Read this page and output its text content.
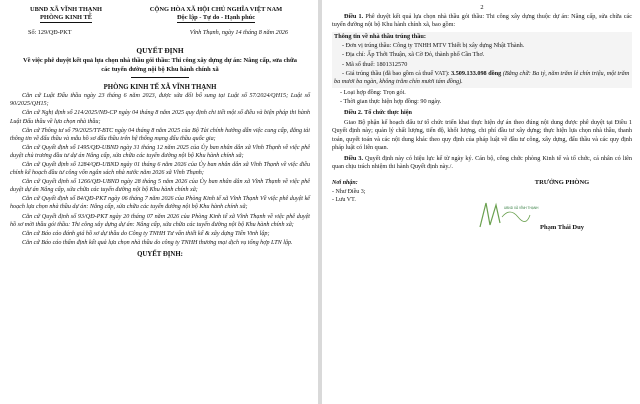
UBND XÃ VĨNH THẠNH
PHÒNG KINH TẾ
CỘNG HÒA XÃ HỘI CHỦ NGHĨA VIỆT NAM
Độc lập - Tự do - Hạnh phúc
Số: 129/QĐ-PKT	Vĩnh Thạnh, ngày 14 tháng 8 năm 2026
QUYẾT ĐỊNH
Về việc phê duyệt kết quả lựa chọn nhà thầu gói thầu: Thi công xây dựng dự án: Nâng cấp, sửa chữa các tuyến đường nội bộ Khu hành chính xã
PHÒNG KINH TẾ XÃ VĨNH THẠNH

Căn cứ Luật Đấu thầu ngày 23 tháng 6 năm 2023, được sửa đổi bổ sung tại Luật số 57/2024/QH15; Luật số 90/2025/QH15;

Căn cứ Nghị định số 214/2025/NĐ-CP ngày 04 tháng 8 năm 2025 quy định chi tiết một số điều và biện pháp thi hành Luật Đấu thầu về lựa chọn nhà thầu;

Căn cứ Thông tư số 79/2025/TT-BTC ngày 04 tháng 8 năm 2025 của Bộ Tài chính hướng dẫn việc cung cấp, đăng tải thông tin về đấu thầu và mẫu hồ sơ đấu thầu trên hệ thống mạng đấu thầu quốc gia;

Căn cứ Quyết định số 1495/QĐ-UBND ngày 31 tháng 12 năm 2025 của Ủy ban nhân dân xã Vĩnh Thạnh về việc phê duyệt chủ trương đầu tư dự án Nâng cấp, sửa chữa các tuyến đường nội bộ Khu hành chính xã;

Căn cứ Quyết định số 1284/QĐ-UBND ngày 01 tháng 6 năm 2026 của Ủy ban nhân dân xã Vĩnh Thạnh về việc điều chỉnh kế hoạch đầu tư công vốn ngân sách nhà nước năm 2026 xã Vĩnh Thạnh;

Căn cứ Quyết định số 1266/QĐ-UBND ngày 28 tháng 5 năm 2026 của Ủy ban nhân dân xã Vĩnh Thạnh về việc phê duyệt dự án Nâng cấp, sửa chữa các tuyến đường nội bộ Khu hành chính xã;

Căn cứ Quyết định số 84/QĐ-PKT ngày 06 tháng 7 năm 2026 của Phòng Kinh tế xã Vĩnh Thạnh Về việc phê duyệt kế hoạch lựa chọn nhà thầu dự án: Nâng cấp, sửa chữa các tuyến đường nội bộ Khu hành chính xã;

Căn cứ Quyết định số 93/QĐ-PKT ngày 20 tháng 07 năm 2026 của Phòng Kinh tế xã Vĩnh Thạnh về việc phê duyệt hồ sơ mời thầu gói thầu: Thi công xây dựng dự án: Nâng cấp, sửa chữa các tuyến đường nội bộ Khu hành chính xã;

Căn cứ Báo cáo đánh giá hồ sơ dự thầu do Công ty TNHH Tư vấn thiết kế & xây dựng Tiến Vinh lập;

Căn cứ Báo cáo thẩm định kết quả lựa chọn nhà thầu do công ty TNHH thương mại dịch vụ tổng hợp LTN lập.

QUYẾT ĐỊNH:
2

Điều 1. Phê duyệt kết quả lựa chọn nhà thầu gói thầu: Thi công xây dựng thuộc dự án: Nâng cấp, sửa chữa các tuyến đường nội bộ Khu hành chính xã, bao gồm:

Thông tin về nhà thầu trúng thầu:

- Đơn vị trúng thầu: Công ty TNHH MTV Thiết bị xây dựng Nhật Thành.

- Địa chỉ: Ấp Thới Thuận, xã Cờ Đỏ, thành phố Cần Thơ.

- Mã số thuế: 1801312570

- Giá trúng thầu (đã bao gồm cả thuế VAT): 3.509.133.098 đồng (Bằng chữ: Ba tỷ, năm trăm lẻ chín triệu, một trăm ba mươi ba ngàn, không trăm chín mươi tám đồng).

- Loại hợp đồng: Trọn gói.

- Thời gian thực hiện hợp đồng: 90 ngày.

Điều 2. Tổ chức thực hiện

Giao Bộ phận kế hoạch đấu tư tổ chức triển khai thực hiện dự án theo đúng nội dung được phê duyệt tại Điều 1 Quyết định này; quản lý chất lượng, tiến độ, khối lượng, chi phí đầu tư xây dựng; thực hiện lựa chọn nhà thầu, thanh toán, quyết toán và các nội dung khác theo quy định của pháp luật về đầu tư công, xây dựng, đấu thầu và các quy định pháp luật có liên quan.

Điều 3. Quyết định này có hiệu lực kể từ ngày ký. Cán bộ, công chức phòng Kinh tế và tổ chức, cá nhân có liên quan chịu trách nhiệm thi hành Quyết định này./.

Nơi nhận:
- Như Điều 3;
- Lưu VT.
TRƯỞNG PHÒNG
UBND XÃ VĨNH THẠNH
Phạm Thái Duy
